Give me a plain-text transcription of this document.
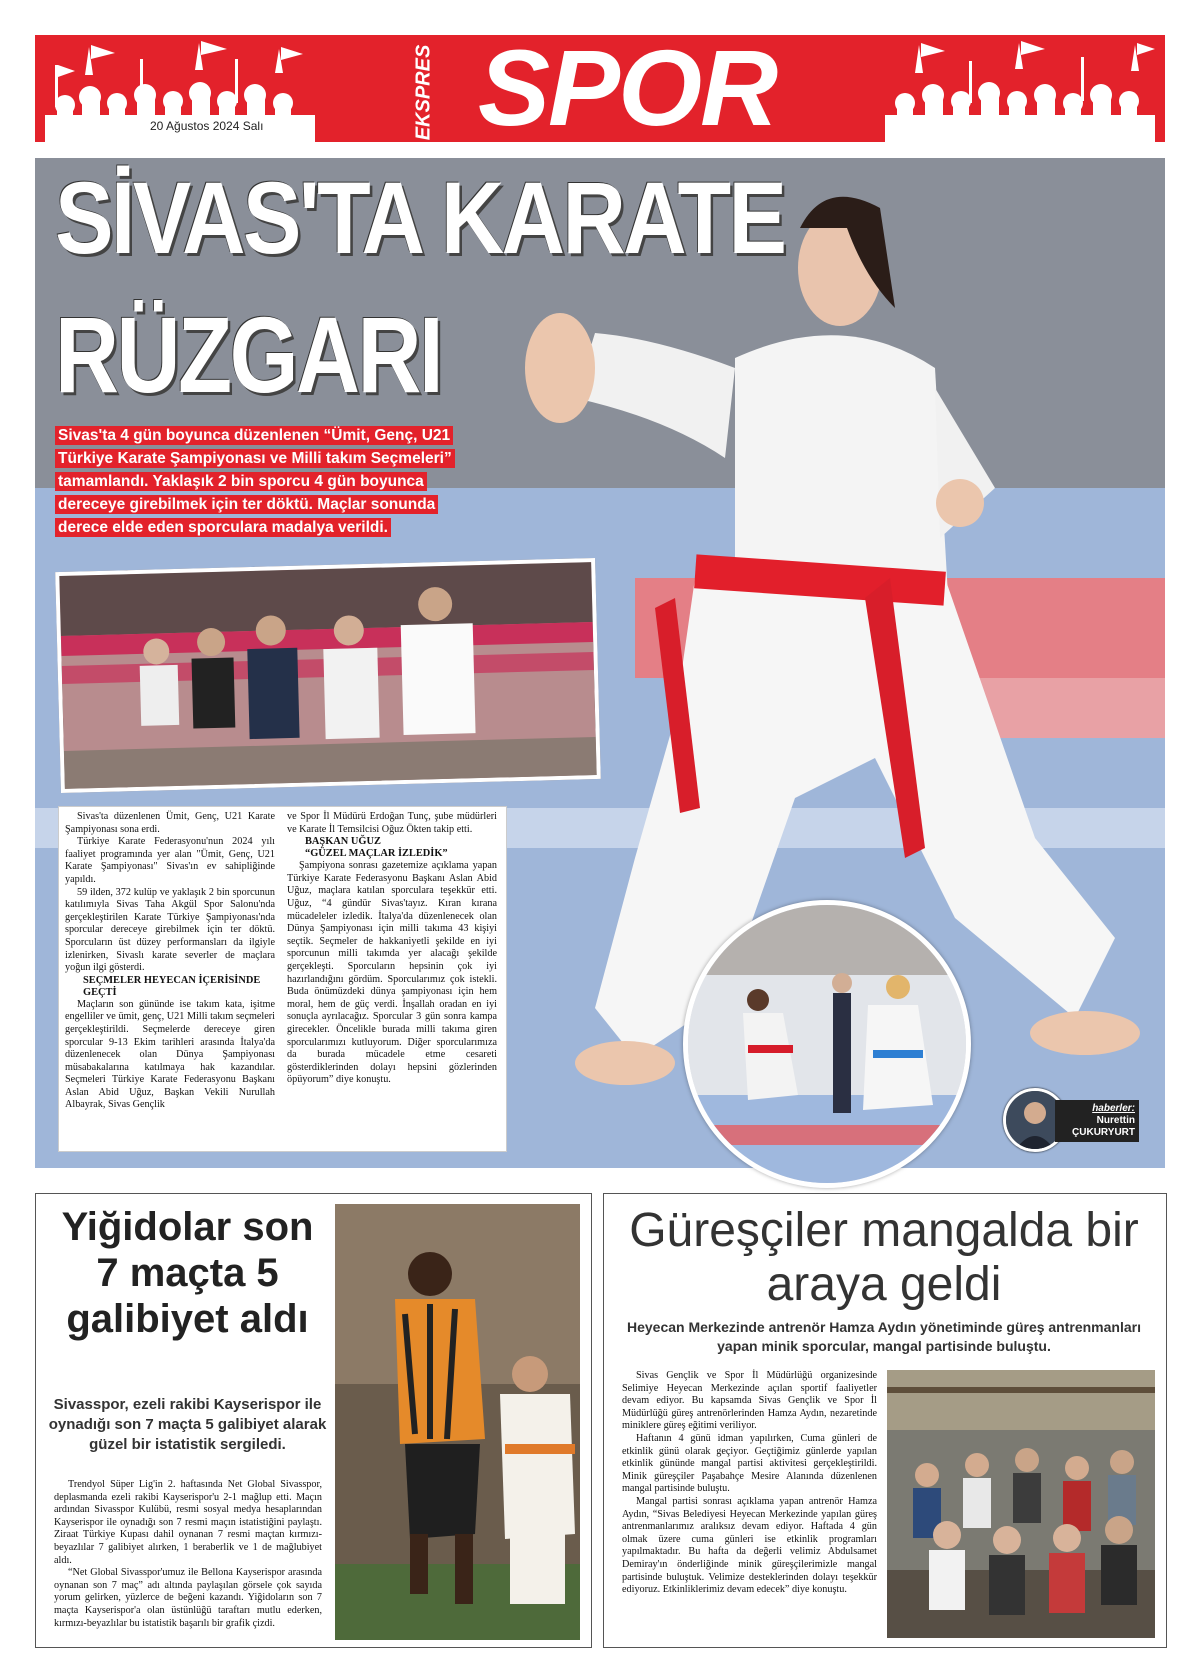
EKSPRES SPOR
20 Ağustos 2024 Salı
SİVAS'TA KARATE
RÜZGARI
Sivas'ta 4 gün boyunca düzenlenen “Ümit, Genç, U21 Türkiye Karate Şampiyonası ve Milli takım Seçmeleri” tamamlandı. Yaklaşık 2 bin sporcu 4 gün boyunca dereceye girebilmek için ter döktü. Maçlar sonunda derece elde eden sporculara madalya verildi.

Sivas'ta düzenlenen Ümit, Genç, U21 Karate Şampiyonası sona erdi.

Türkiye Karate Federasyonu'nun 2024 yılı faaliyet programında yer alan "Ümit, Genç, U21 Karate Şampiyonası" Sivas'ın ev sahipliğinde yapıldı.

59 ilden, 372 kulüp ve yaklaşık 2 bin sporcunun katılımıyla Sivas Taha Akgül Spor Salonu'nda gerçekleştirilen Karate Türkiye Şampiyonası'nda sporcular dereceye girebilmek için ter döktü. Sporcuların üst düzey performansları da ilgiyle izlenirken, Sivaslı karate severler de maçlara yoğun ilgi gösterdi.

SEÇMELER HEYECAN İÇERİSİNDE GEÇTİ

Maçların son gününde ise takım kata, işitme engelliler ve ümit, genç, U21 Milli takım seçmeleri gerçekleştirildi. Seçmelerde dereceye giren sporcular 9-13 Ekim tarihleri arasında İtalya'da düzenlenecek olan Dünya Şampiyonası müsabakalarına katılmaya hak kazandılar. Seçmeleri Türkiye Karate Federasyonu Başkanı Aslan Abid Uğuz, Başkan Vekili Nurullah Albayrak, Sivas Gençlik

ve Spor İl Müdürü Erdoğan Tunç, şube müdürleri ve Karate İl Temsilcisi Oğuz Ökten takip etti.

BAŞKAN UĞUZ
“GÜZEL MAÇLAR İZLEDİK”

Şampiyona sonrası gazetemize açıklama yapan Türkiye Karate Federasyonu Başkanı Aslan Abid Uğuz, maçlara katılan sporculara teşekkür etti. Uğuz, “4 gündür Sivas'tayız. Kıran kırana mücadeleler izledik. İtalya'da düzenlenecek olan Dünya Şampiyonası için milli takıma 43 kişiyi seçtik. Seçmeler de hakkaniyetli şekilde en iyi sporcunun milli takımda yer alacağı şekilde gerçekleşti. Sporcuların hepsinin çok iyi hazırlandığını gördüm. Sporcularımız çok istekli. Buda önümüzdeki dünya şampiyonası için hem moral, hem de güç verdi. İnşallah oradan en iyi sonuçla ayrılacağız. Sporcular 3 gün sonra kampa girecekler. Öncelikle burada milli takıma giren sporcularımızı kutluyorum. Diğer sporcularımıza da burada mücadele etme cesareti gösterdiklerinden dolayı hepsini gözlerinden öpüyorum” diye konuştu.

haberler:
Nurettin
ÇUKURYURT
Yiğidolar son 7 maçta 5 galibiyet aldı
Sivasspor, ezeli rakibi Kayserispor ile oynadığı son 7 maçta 5 galibiyet alarak güzel bir istatistik sergiledi.

Trendyol Süper Lig'in 2. haftasında Net Global Sivasspor, deplasmanda ezeli rakibi Kayserispor'u 2-1 mağlup etti. Maçın ardından Sivasspor Kulübü, resmi sosyal medya hesaplarından Kayserispor ile oynadığı son 7 resmi maçın istatistiğini paylaştı. Ziraat Türkiye Kupası dahil oynanan 7 resmi maçtan kırmızı-beyazlılar 7 galibiyet alırken, 1 beraberlik ve 1 de mağlubiyet aldı.

“Net Global Sivasspor'umuz ile Bellona Kayserispor arasında oynanan son 7 maç” adı altında paylaşılan görsele çok sayıda yorum gelirken, yüzlerce de beğeni kazandı. Yiğidoların son 7 maçta Kayserispor'a olan üstünlüğü taraftarı mutlu ederken, kırmızı-beyazlılar bu istatistik başarılı bir grafik çizdi.

Güreşçiler mangalda bir araya geldi
Heyecan Merkezinde antrenör Hamza Aydın yönetiminde güreş antrenmanları yapan minik sporcular, mangal partisinde buluştu.

Sivas Gençlik ve Spor İl Müdürlüğü organizesinde Selimiye Heyecan Merkezinde açılan sportif faaliyetler devam ediyor. Bu kapsamda Sivas Gençlik ve Spor İl Müdürlüğü güreş antrenörlerinden Hamza Aydın, nezaretinde miniklere güreş eğitimi veriliyor.

Haftanın 4 günü idman yapılırken, Cuma günleri de etkinlik günü olarak geçiyor. Geçtiğimiz günlerde yapılan etkinlik gününde mangal partisi aktivitesi gerçekleştirildi. Minik güreşçiler Paşabahçe Mesire Alanında düzenlenen mangal partisinde buluştu.

Mangal partisi sonrası açıklama yapan antrenör Hamza Aydın, “Sivas Belediyesi Heyecan Merkezinde yapılan güreş antrenmanlarımız aralıksız devam ediyor. Haftada 4 gün olmak üzere cuma günleri ise etkinlik programları yapılmaktadır. Bu hafta da değerli velimiz Abdulsamet Demiray'ın önderliğinde minik güreşçilerimizle mangal partisinde buluştuk. Velimize desteklerinden dolayı teşekkür ediyoruz. Etkinliklerimiz devam edecek” diye konuştu.
